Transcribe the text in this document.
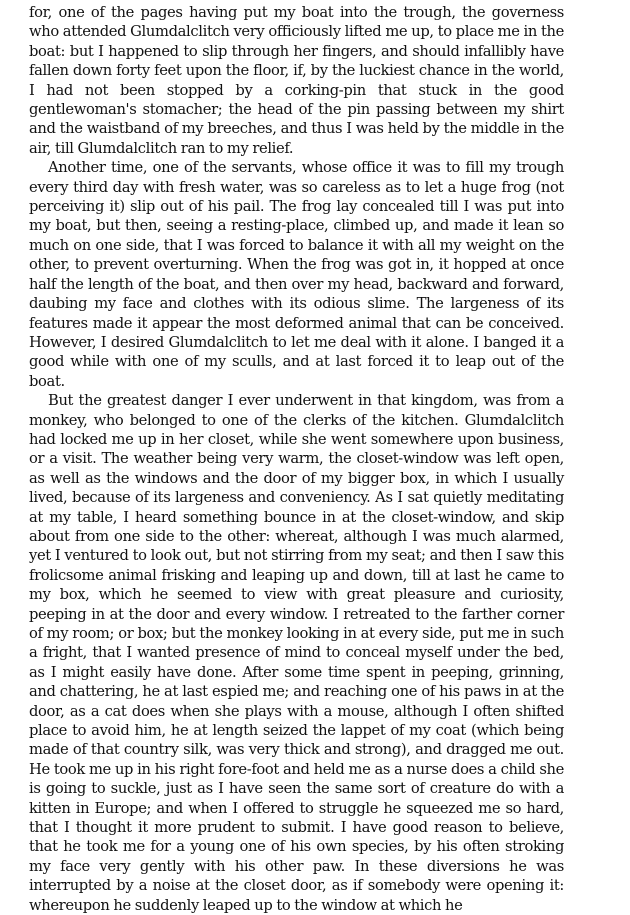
for, one of the pages having put my boat into the trough, the governess who attended Glumdalclitch very officiously lifted me up, to place me in the boat: but I happened to slip through her fingers, and should infallibly have fallen down forty feet upon the floor, if, by the luckiest chance in the world, I had not been stopped by a corking-pin that stuck in the good gentlewoman's stomacher; the head of the pin passing between my shirt and the waistband of my breeches, and thus I was held by the middle in the air, till Glumdalclitch ran to my relief.

Another time, one of the servants, whose office it was to fill my trough every third day with fresh water, was so careless as to let a huge frog (not perceiving it) slip out of his pail. The frog lay concealed till I was put into my boat, but then, seeing a resting-place, climbed up, and made it lean so much on one side, that I was forced to balance it with all my weight on the other, to prevent overturning. When the frog was got in, it hopped at once half the length of the boat, and then over my head, backward and forward, daubing my face and clothes with its odious slime. The largeness of its features made it appear the most deformed animal that can be conceived. However, I desired Glumdalclitch to let me deal with it alone. I banged it a good while with one of my sculls, and at last forced it to leap out of the boat.

But the greatest danger I ever underwent in that kingdom, was from a monkey, who belonged to one of the clerks of the kitchen. Glumdalclitch had locked me up in her closet, while she went somewhere upon business, or a visit. The weather being very warm, the closet-window was left open, as well as the windows and the door of my bigger box, in which I usually lived, because of its largeness and conveniency. As I sat quietly meditating at my table, I heard something bounce in at the closet-window, and skip about from one side to the other: whereat, although I was much alarmed, yet I ventured to look out, but not stirring from my seat; and then I saw this frolicsome animal frisking and leaping up and down, till at last he came to my box, which he seemed to view with great pleasure and curiosity, peeping in at the door and every window. I retreated to the farther corner of my room; or box; but the monkey looking in at every side, put me in such a fright, that I wanted presence of mind to conceal myself under the bed, as I might easily have done. After some time spent in peeping, grinning, and chattering, he at last espied me; and reaching one of his paws in at the door, as a cat does when she plays with a mouse, although I often shifted place to avoid him, he at length seized the lappet of my coat (which being made of that country silk, was very thick and strong), and dragged me out. He took me up in his right fore-foot and held me as a nurse does a child she is going to suckle, just as I have seen the same sort of creature do with a kitten in Europe; and when I offered to struggle he squeezed me so hard, that I thought it more prudent to submit. I have good reason to believe, that he took me for a young one of his own species, by his often stroking my face very gently with his other paw. In these diversions he was interrupted by a noise at the closet door, as if somebody were opening it: whereupon he suddenly leaped up to the window at which he
